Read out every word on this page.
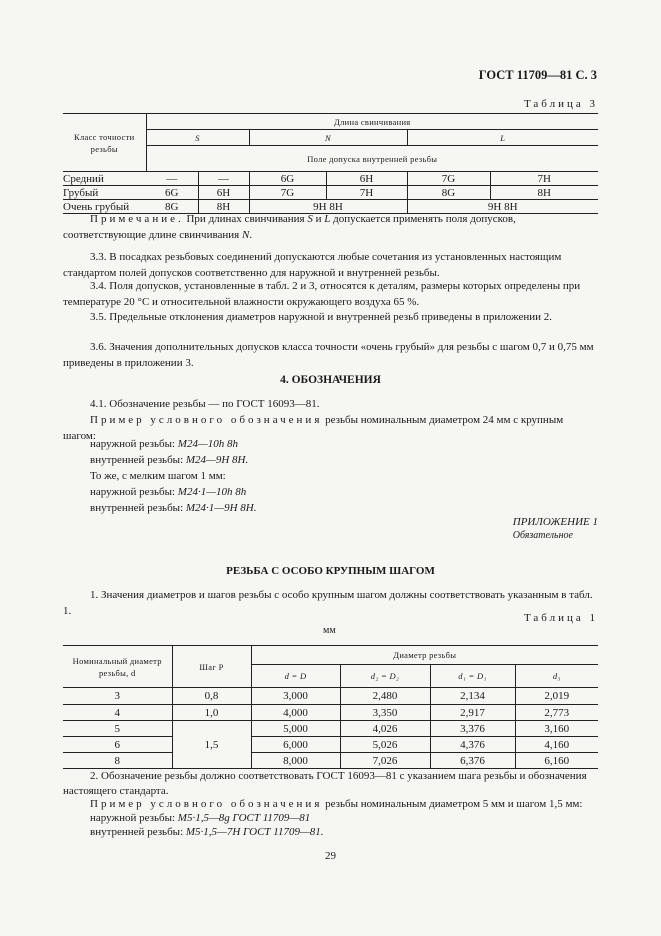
ГОСТ 11709—81 С. 3
Таблица 3
Класс точности резьбы	Длина свинчивания					
	S		N		L	
	Поле допуска внутренней резьбы					
Средний	—	—	6G	6H	7G	7H
Грубый	6G	6H	7G	7H	8G	8H
Очень грубый	8G	8H	9H 8H		9H 8H	

Примечание. При длинах свинчивания S и L допускается применять поля допусков, соответствующие длине свинчивания N.

3.3. В посадках резьбовых соединений допускаются любые сочетания из установленных настоящим стандартом полей допусков соответственно для наружной и внутренней резьбы.

3.4. Поля допусков, установленные в табл. 2 и 3, относятся к деталям, размеры которых определены при температуре 20 °С и относительной влажности окружающего воздуха 65 %.

3.5. Предельные отклонения диаметров наружной и внутренней резьб приведены в приложении 2.

3.6. Значения дополнительных допусков класса точности «очень грубый» для резьбы с шагом 0,7 и 0,75 мм приведены в приложении 3.

4. ОБОЗНАЧЕНИЯ

4.1. Обозначение резьбы — по ГОСТ 16093—81.

Пример условного обозначения резьбы номинальным диаметром 24 мм с крупным шагом:

наружной резьбы: М24—10h 8h

внутренней резьбы: М24—9Н 8Н.

То же, с мелким шагом 1 мм:

наружной резьбы: М24·1—10h 8h

внутренней резьбы: М24·1—9Н 8Н.

ПРИЛОЖЕНИЕ 1
Обязательное
РЕЗЬБА С ОСОБО КРУПНЫМ ШАГОМ

1. Значения диаметров и шагов резьбы с особо крупным шагом должны соответствовать указанным в табл. 1.

Таблица 1
мм
Номинальный диаметр резьбы, d	Шаг Р	Диаметр резьбы			
		d = D	d₂ = D₂	d₁ = D₁	d₃
3	0,8	3,000	2,480	2,134	2,019
4	1,0	4,000	3,350	2,917	2,773
5	1,5	5,000	4,026	3,376	3,160
6		6,000	5,026	4,376	4,160
8		8,000	7,026	6,376	6,160

2. Обозначение резьбы должно соответствовать ГОСТ 16093—81 с указанием шага резьбы и обозначения настоящего стандарта.

Пример условного обозначения резьбы номинальным диаметром 5 мм и шагом 1,5 мм:

наружной резьбы: М5·1,5—8g ГОСТ 11709—81

внутренней резьбы: М5·1,5—7Н ГОСТ 11709—81.

29
